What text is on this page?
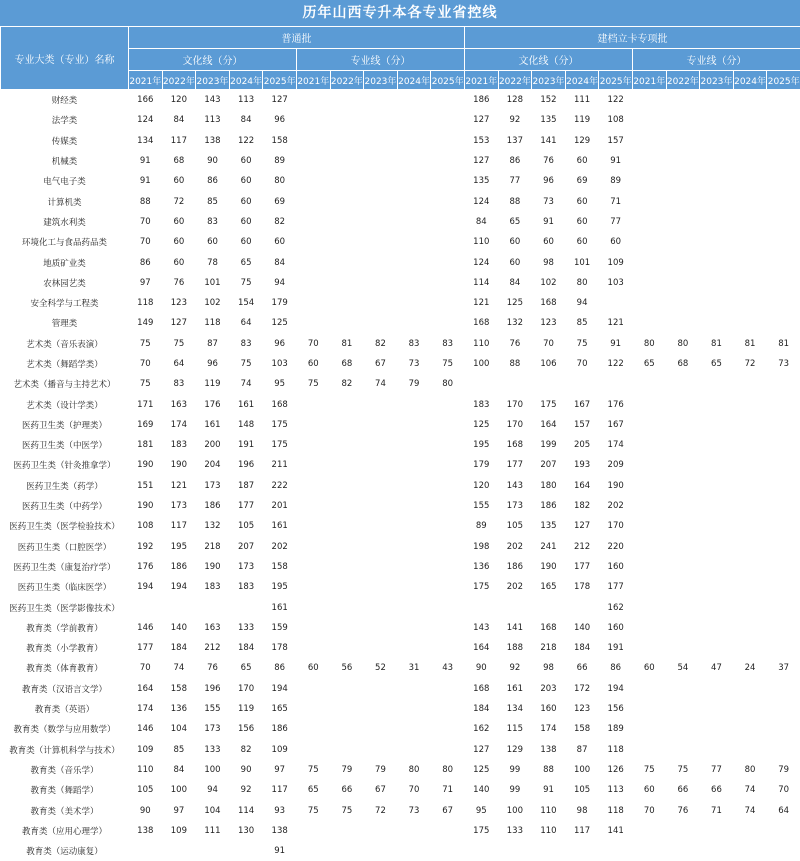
历年山西专升本各专业省控线
专业大类（专业）名称	普通批										建档立卡专项批									
	文化线（分）					专业线（分）					文化线（分）					专业线（分）				
	2021年	2022年	2023年	2024年	2025年	2021年	2022年	2023年	2024年	2025年	2021年	2022年	2023年	2024年	2025年	2021年	2022年	2023年	2024年	2025年
财经类	166	120	143	113	127						186	128	152	111	122					
法学类	124	84	113	84	96						127	92	135	119	108					
传媒类	134	117	138	122	158						153	137	141	129	157					
机械类	91	68	90	60	89						127	86	76	60	91					
电气电子类	91	60	86	60	80						135	77	96	69	89					
计算机类	88	72	85	60	69						124	88	73	60	71					
建筑水利类	70	60	83	60	82						84	65	91	60	77					
环境化工与食品药品类	70	60	60	60	60						110	60	60	60	60					
地质矿业类	86	60	78	65	84						124	60	98	101	109					
农林园艺类	97	76	101	75	94						114	84	102	80	103					
安全科学与工程类	118	123	102	154	179						121	125	168	94						
管理类	149	127	118	64	125						168	132	123	85	121					
艺术类（音乐表演）	75	75	87	83	96	70	81	82	83	83	110	76	70	75	91	80	80	81	81	81
艺术类（舞蹈学类）	70	64	96	75	103	60	68	67	73	75	100	88	106	70	122	65	68	65	72	73
艺术类（播音与主持艺术）	75	83	119	74	95	75	82	74	79	80										
艺术类（设计学类）	171	163	176	161	168						183	170	175	167	176					
医药卫生类（护理类）	169	174	161	148	175						125	170	164	157	167					
医药卫生类（中医学）	181	183	200	191	175						195	168	199	205	174					
医药卫生类（针灸推拿学）	190	190	204	196	211						179	177	207	193	209					
医药卫生类（药学）	151	121	173	187	222						120	143	180	164	190					
医药卫生类（中药学）	190	173	186	177	201						155	173	186	182	202					
医药卫生类（医学检验技术）	108	117	132	105	161						89	105	135	127	170					
医药卫生类（口腔医学）	192	195	218	207	202						198	202	241	212	220					
医药卫生类（康复治疗学）	176	186	190	173	158						136	186	190	177	160					
医药卫生类（临床医学）	194	194	183	183	195						175	202	165	178	177					
医药卫生类（医学影像技术）					161										162					
教育类（学前教育）	146	140	163	133	159						143	141	168	140	160					
教育类（小学教育）	177	184	212	184	178						164	188	218	184	191					
教育类（体育教育）	70	74	76	65	86	60	56	52	31	43	90	92	98	66	86	60	54	47	24	37
教育类（汉语言文学）	164	158	196	170	194						168	161	203	172	194					
教育类（英语）	174	136	155	119	165						184	134	160	123	156					
教育类（数学与应用数学）	146	104	173	156	186						162	115	174	158	189					
教育类（计算机科学与技术）	109	85	133	82	109						127	129	138	87	118					
教育类（音乐学）	110	84	100	90	97	75	79	79	80	80	125	99	88	100	126	75	75	77	80	79
教育类（舞蹈学）	105	100	94	92	117	65	66	67	70	71	140	99	91	105	113	60	66	66	74	70
教育类（美术学）	90	97	104	114	93	75	75	72	73	67	95	100	110	98	118	70	76	71	74	64
教育类（应用心理学）	138	109	111	130	138						175	133	110	117	141					
教育类（运动康复）					91															
